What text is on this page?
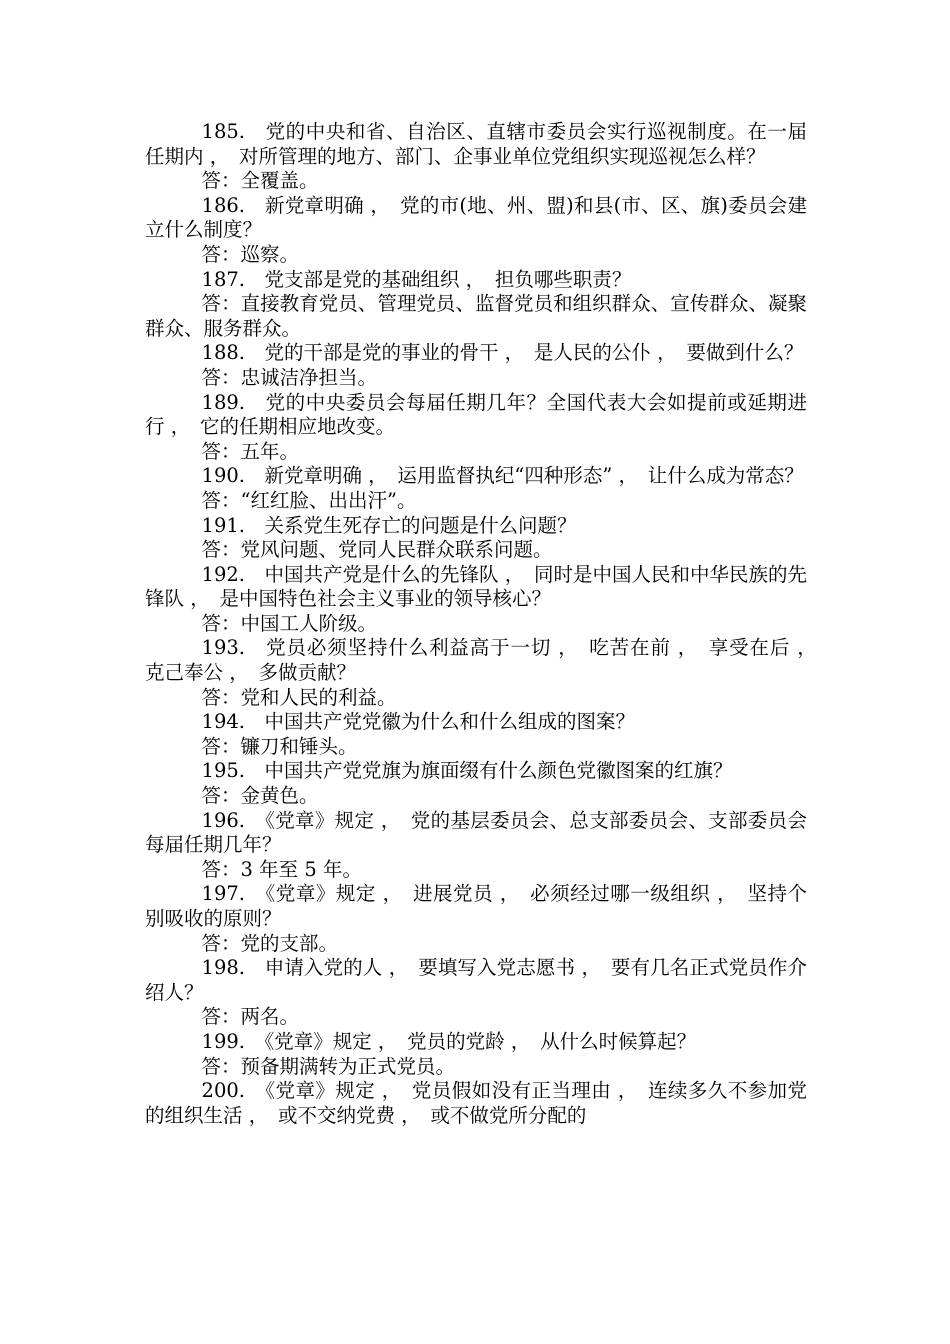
185.　党的中央和省、自治区、直辖市委员会实行巡视制度。在一届任期内 ，　对所管理的地方、部门、企事业单位党组织实现巡视怎么样？

答：全覆盖。

186.　新党章明确 ，　党的市(地、州、盟)和县(市、区、旗)委员会建立什么制度？

答：巡察。

187.　党支部是党的基础组织 ，　担负哪些职责？

答：直接教育党员、管理党员、监督党员和组织群众、宣传群众、凝聚群众、服务群众。

188.　党的干部是党的事业的骨干 ，　是人民的公仆 ，　要做到什么？

答：忠诚洁净担当。

189.　党的中央委员会每届任期几年？全国代表大会如提前或延期进行 ，　它的任期相应地改变。

答：五年。

190.　新党章明确 ，　运用监督执纪“四种形态” ，　让什么成为常态？

答：“红红脸、出出汗”。

191.　关系党生死存亡的问题是什么问题？

答：党风问题、党同人民群众联系问题。

192.　中国共产党是什么的先锋队 ，　同时是中国人民和中华民族的先锋队 ，　是中国特色社会主义事业的领导核心？

答：中国工人阶级。

193.　党员必须坚持什么利益高于一切 ，　吃苦在前 ，　享受在后 ，　克己奉公 ，　多做贡献？

答：党和人民的利益。

194.　中国共产党党徽为什么和什么组成的图案？

答：镰刀和锤头。

195.　中国共产党党旗为旗面缀有什么颜色党徽图案的红旗？

答：金黄色。

196.　《党章》规定 ，　党的基层委员会、总支部委员会、支部委员会每届任期几年？

答：3 年至 5 年。

197.　《党章》规定 ，　进展党员 ，　必须经过哪一级组织 ，　坚持个别吸收的原则？

答：党的支部。

198.　申请入党的人 ，　要填写入党志愿书 ，　要有几名正式党员作介绍人？

答：两名。

199.　《党章》规定 ，　党员的党龄 ，　从什么时候算起？

答：预备期满转为正式党员。

200.　《党章》规定 ，　党员假如没有正当理由 ，　连续多久不参加党的组织生活 ，　或不交纳党费 ，　或不做党所分配的
